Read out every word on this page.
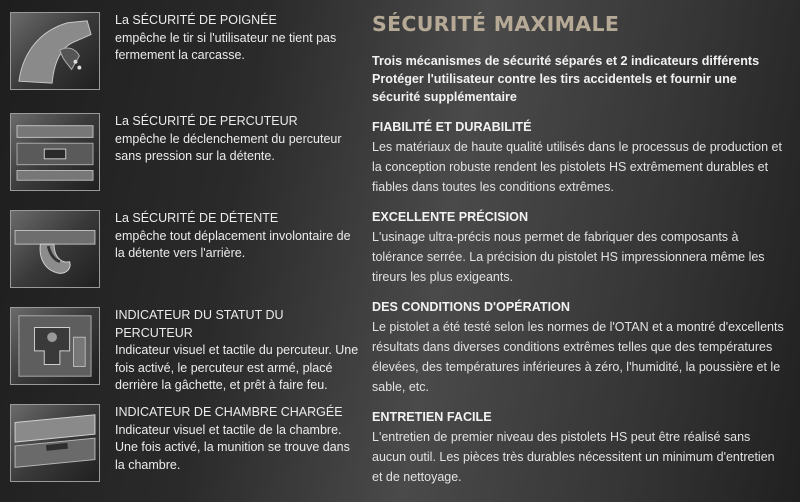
La SÉCURITÉ DE POIGNÉE
empêche le tir si l'utilisateur ne tient pas fermement la carcasse.
La SÉCURITÉ DE PERCUTEUR
empêche le déclenchement du percuteur sans pression sur la détente.
La SÉCURITÉ DE DÉTENTE
empêche tout déplacement involontaire de la détente vers l'arrière.
INDICATEUR DU STATUT DU PERCUTEUR
Indicateur visuel et tactile du percuteur. Une fois activé, le percuteur est armé, placé derrière la gâchette, et prêt à faire feu.
INDICATEUR DE CHAMBRE CHARGÉE
Indicateur visuel et tactile de la chambre. Une fois activé, la munition se trouve dans la chambre.
SÉCURITÉ MAXIMALE

Trois mécanismes de sécurité séparés et 2 indicateurs différents Protéger l'utilisateur contre les tirs accidentels et fournir une sécurité supplémentaire

FIABILITÉ ET DURABILITÉ
Les matériaux de haute qualité utilisés dans le processus de production et la conception robuste rendent les pistolets HS extrêmement durables et fiables dans toutes les conditions extrêmes.
EXCELLENTE PRÉCISION
L'usinage ultra-précis nous permet de fabriquer des composants à tolérance serrée. La précision du pistolet HS impressionnera même les tireurs les plus exigeants.
DES CONDITIONS D'OPÉRATION
Le pistolet a été testé selon les normes de l'OTAN et a montré d'excellents résultats dans diverses conditions extrêmes telles que des températures élevées, des températures inférieures à zéro, l'humidité, la poussière et le sable, etc.
ENTRETIEN FACILE
L'entretien de premier niveau des pistolets HS peut être réalisé sans aucun outil. Les pièces très durables nécessitent un minimum d'entretien et de nettoyage.
